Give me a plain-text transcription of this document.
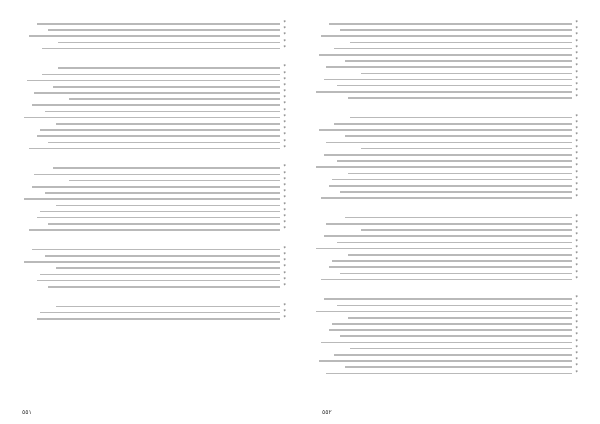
*
*
*
*
*
*
*
*
*
*
*
*
*
*
*
*
*
*
*
*
*
*
*
*
*
*
*
*
*
*
*
*
*
*
*
*
*
*
*
*
*
*
*
*
*
*
*
*
*
*
*
٥٥٢
*
*
*
*
*
*
*
*
*
*
*
*
*
*
*
*
*
*
*
*
*
*
*
*
*
*
*
*
*
*
*
*
*
*
*
*
*
*
*
*
٥٥١
